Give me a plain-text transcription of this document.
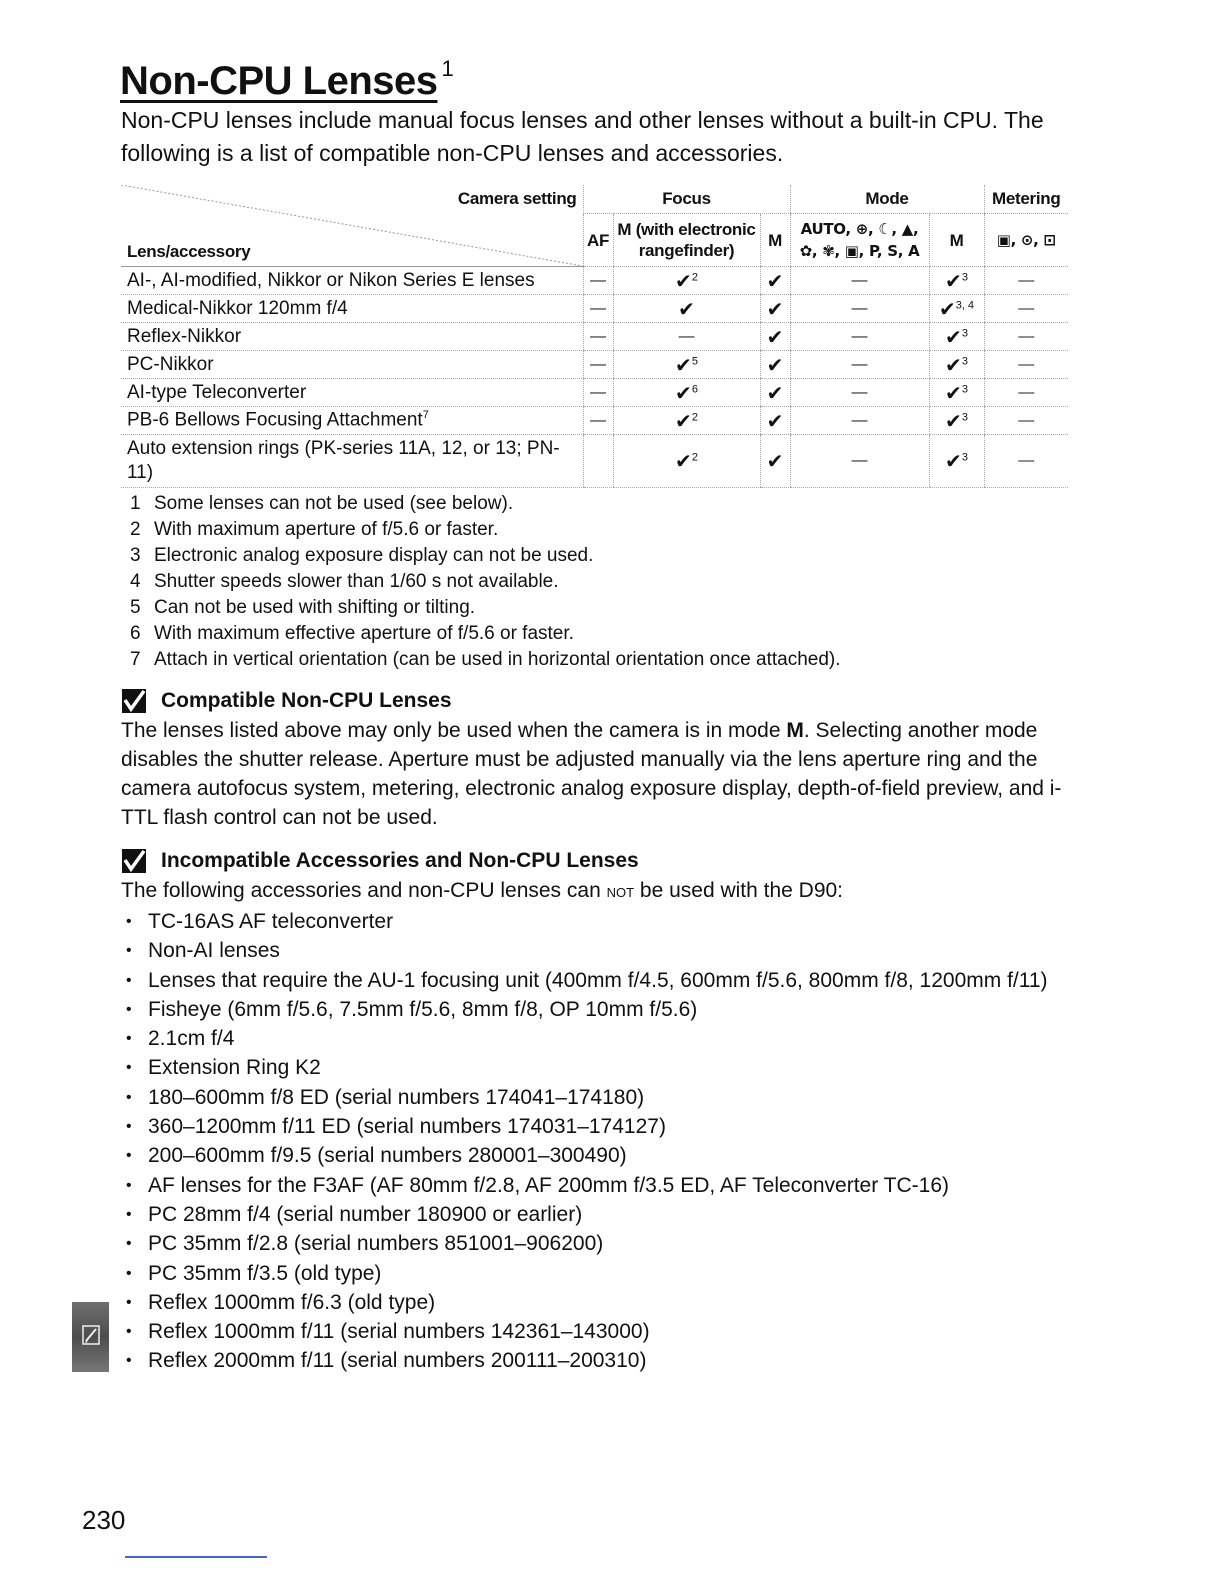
Non-CPU Lenses $^1$

Non-CPU lenses include manual focus lenses and other lenses without a built-in CPU. The following is a list of compatible non-CPU lenses and accessories.

Camera setting
Lens/accessory	Focus			Mode		Metering
	AF	M (with electronic rangefinder)	M	AUTO, ⊕, ☾, ▲, ✿, ✾, ▣, P, S, A	M	▣, ⊙, ⊡
AI-, AI-modified, Nikkor or Nikon Series E lenses	—	✔$^2$	✔	—	✔$^3$	—
Medical-Nikkor 120mm f/4	—	✔	✔	—	✔$^{3, 4}$	—
Reflex-Nikkor	—	—	✔	—	✔$^3$	—
PC-Nikkor	—	✔$^5$	✔	—	✔$^3$	—
AI-type Teleconverter	—	✔$^6$	✔	—	✔$^3$	—
PB-6 Bellows Focusing Attachment$^7$	—	✔$^2$	✔	—	✔$^3$	—
Auto extension rings (PK-series 11A, 12, or 13; PN-11)		✔$^2$	✔	—	✔$^3$	—
1 Some lenses can not be used (see below).
2 With maximum aperture of f/5.6 or faster.
3 Electronic analog exposure display can not be used.
4 Shutter speeds slower than 1/60 s not available.
5 Can not be used with shifting or tilting.
6 With maximum effective aperture of f/5.6 or faster.
7 Attach in vertical orientation (can be used in horizontal orientation once attached).
Compatible Non-CPU Lenses

The lenses listed above may only be used when the camera is in mode M. Selecting another mode disables the shutter release. Aperture must be adjusted manually via the lens aperture ring and the camera autofocus system, metering, electronic analog exposure display, depth-of-field preview, and i-TTL flash control can not be used.

Incompatible Accessories and Non-CPU Lenses

The following accessories and non-CPU lenses can not be used with the D90:

• TC-16AS AF teleconverter
• Non-AI lenses
• Lenses that require the AU-1 focusing unit (400mm f/4.5, 600mm f/5.6, 800mm f/8, 1200mm f/11)
• Fisheye (6mm f/5.6, 7.5mm f/5.6, 8mm f/8, OP 10mm f/5.6)
• 2.1cm f/4
• Extension Ring K2
• 180–600mm f/8 ED (serial numbers 174041–174180)
• 360–1200mm f/11 ED (serial numbers 174031–174127)
• 200–600mm f/9.5 (serial numbers 280001–300490)
• AF lenses for the F3AF (AF 80mm f/2.8, AF 200mm f/3.5 ED, AF Teleconverter TC-16)
• PC 28mm f/4 (serial number 180900 or earlier)
• PC 35mm f/2.8 (serial numbers 851001–906200)
• PC 35mm f/3.5 (old type)
• Reflex 1000mm f/6.3 (old type)
• Reflex 1000mm f/11 (serial numbers 142361–143000)
• Reflex 2000mm f/11 (serial numbers 200111–200310)
230
